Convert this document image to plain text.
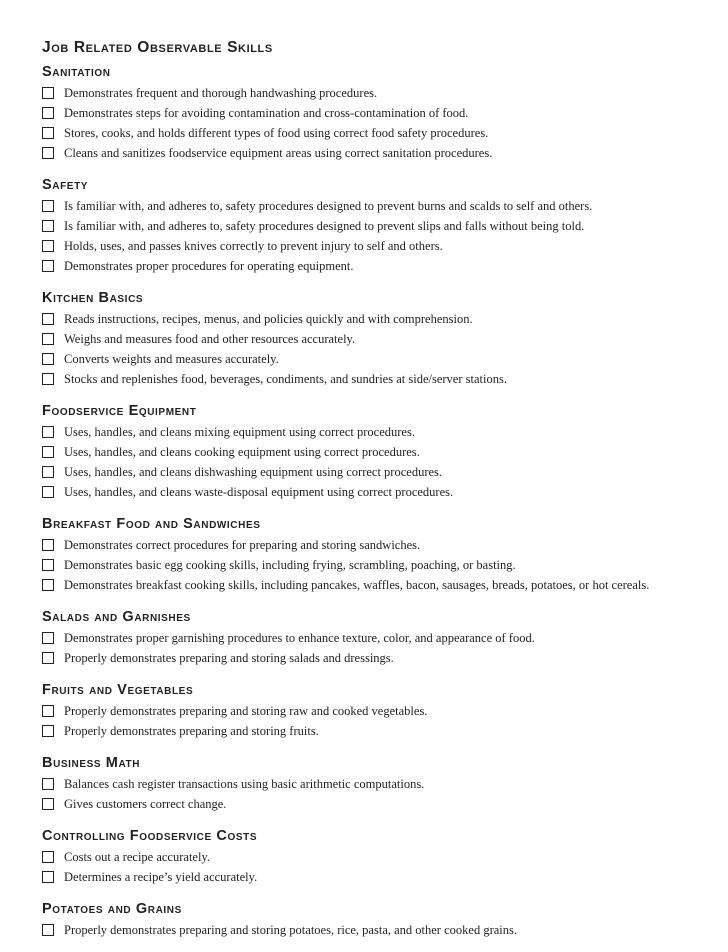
Job Related Observable Skills
Sanitation
Demonstrates frequent and thorough handwashing procedures.
Demonstrates steps for avoiding contamination and cross-contamination of food.
Stores, cooks, and holds different types of food using correct food safety procedures.
Cleans and sanitizes foodservice equipment areas using correct sanitation procedures.
Safety
Is familiar with, and adheres to, safety procedures designed to prevent burns and scalds to self and others.
Is familiar with, and adheres to, safety procedures designed to prevent slips and falls without being told.
Holds, uses, and passes knives correctly to prevent injury to self and others.
Demonstrates proper procedures for operating equipment.
Kitchen Basics
Reads instructions, recipes, menus, and policies quickly and with comprehension.
Weighs and measures food and other resources accurately.
Converts weights and measures accurately.
Stocks and replenishes food, beverages, condiments, and sundries at side/server stations.
Foodservice Equipment
Uses, handles, and cleans mixing equipment using correct procedures.
Uses, handles, and cleans cooking equipment using correct procedures.
Uses, handles, and cleans dishwashing equipment using correct procedures.
Uses, handles, and cleans waste-disposal equipment using correct procedures.
Breakfast Food and Sandwiches
Demonstrates correct procedures for preparing and storing sandwiches.
Demonstrates basic egg cooking skills, including frying, scrambling, poaching, or basting.
Demonstrates breakfast cooking skills, including pancakes, waffles, bacon, sausages, breads, potatoes, or hot cereals.
Salads and Garnishes
Demonstrates proper garnishing procedures to enhance texture, color, and appearance of food.
Properly demonstrates preparing and storing salads and dressings.
Fruits and Vegetables
Properly demonstrates preparing and storing raw and cooked vegetables.
Properly demonstrates preparing and storing fruits.
Business Math
Balances cash register transactions using basic arithmetic computations.
Gives customers correct change.
Controlling Foodservice Costs
Costs out a recipe accurately.
Determines a recipe’s yield accurately.
Potatoes and Grains
Properly demonstrates preparing and storing potatoes, rice, pasta, and other cooked grains.
